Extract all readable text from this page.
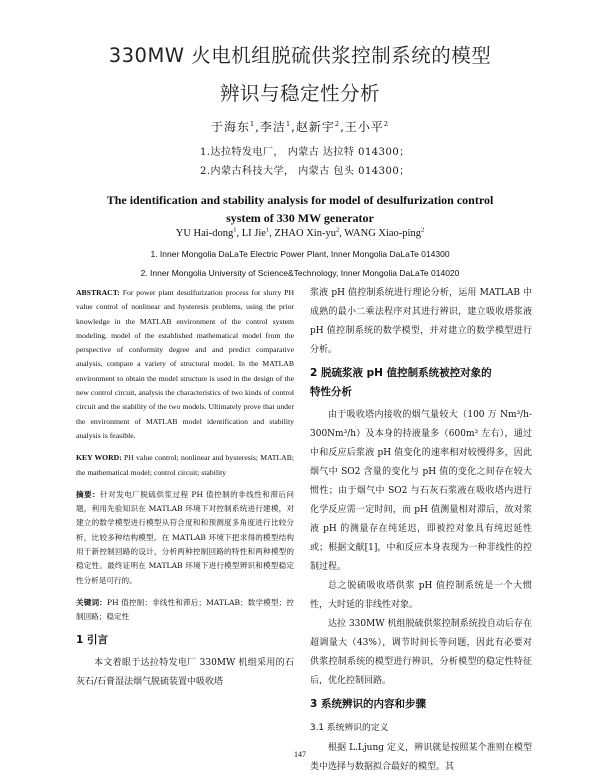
330MW 火电机组脱硫供浆控制系统的模型
辨识与稳定性分析
于海东$^1$,李洁$^1$,赵新宇$^2$,王小平$^2$
1.达拉特发电厂， 内蒙古 达拉特 014300；
2.内蒙古科技大学， 内蒙古 包头 014300；
The identification and stability analysis for model of desulfurization control
system of 330 MW generator
YU Hai-dong$^1$, LI Jie$^1$, ZHAO Xin-$yu^2$, WANG Xiao-ping$^2$
1. Inner Mongolia DaLaTe Electric Power Plant, Inner Mongolia DaLaTe 014300
2. Inner Mongolia University of Science&Technology, Inner Mongolia DaLaTe 014020

ABSTRACT: For power plant desulfurization process for slurry PH value control of nonlinear and hysteresis problems, using the prior knowledge in the MATLAB environment of the control system modeling, model of the established mathematical model from the perspective of conformity degree and and predict comparative analysis, compare a variety of structural model. In the MATLAB environment to obtain the model structure is used in the design of the new control circuit, analysis the characteristics of two kinds of control circuit and the stability of the two models. Ultimately prove that under the environment of MATLAB model identification and stability analysis is feasible.

KEY WORD: PH value control; nonlinear and hysteresis; MATLAB; the mathematical model; control circuit; stability

摘要：针对发电厂脱硫供浆过程 PH 值控制的非线性和滞后问题，利用先验知识在 MATLAB 环境下对控制系统进行建模，对建立的数学模型进行模型从符合度和和预测度多角度进行比较分析，比较多种结构模型。在 MATLAB 环境下把求得的模型结构用于新控制回路的设计，分析两种控制回路的特性和两种模型的稳定性。最终证明在 MATLAB 环境下进行模型辨识和模型稳定性分析是可行的。

关键词：PH 值控制；非线性和滞后；MATLAB；数学模型；控制回路；稳定性

1 引言

本文着眼于达拉特发电厂 330MW 机组采用的石灰石/石膏湿法烟气脱硫装置中吸收塔

浆液 pH 值控制系统进行理论分析，运用 MATLAB 中成熟的最小二乘法程序对其进行辨识，建立吸收塔浆液 pH 值控制系统的数学模型，并对建立的数学模型进行分析。

2 脱硫浆液 pH 值控制系统被控对象的
特性分析

由于吸收塔内接收的烟气量较大（100 万 Nm³/h-300Nm³/h）及本身的持液量多（600m³ 左右），通过中和反应后浆液 pH 值变化的速率相对较慢得多，因此烟气中 SO2 含量的变化与 pH 值的变化之间存在较大惯性；由于烟气中 SO2 与石灰石浆液在吸收塔内进行化学反应需一定时间，而 pH 值测量相对滞后，故对浆液 pH 的测量存在纯延迟，即被控对象具有纯迟延性或；根据文献[1]，中和反应本身表现为一种非线性的控制过程。

总之脱硫吸收塔供浆 pH 值控制系统是一个大惯性，大时延的非线性对象。

达拉 330MW 机组脱硫供浆控制系统投自动后存在超调量大（43%），调节时间长等问题，因此有必要对供浆控制系统的模型进行辨识，分析模型的稳定性特征后，优化控制回路。

3 系统辨识的内容和步骤
3.1 系统辨识的定义

根据 L.Ljung 定义，辨识就是按照某个准则在模型类中选择与数据拟合最好的模型。其

147
